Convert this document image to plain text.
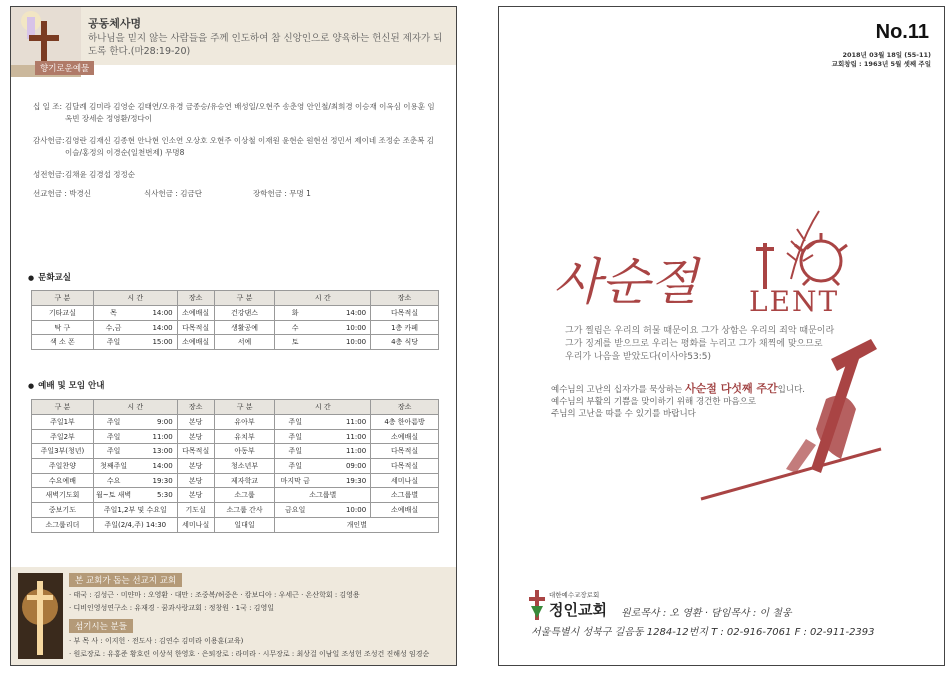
공동체사명
하나님을 믿지 않는 사람들을 주께 인도하여 참 신앙인으로 양육하는 헌신된 제자가 되도록 한다.(마28:19-20)
향기로운예물
십 일 조: 김달례 김미라 김영순 김태연/오유경 금종승/유승연 배성일/오현주 송춘영 안인철/최희경 이승재 이옥심 이용훈 임옥빈 장세순 정영환/정다이
감사헌금:김영란 김재신 김종현 안나현 인소연 오상호 오현주 이상철 이재원 윤현순 원현선 정민서 제이네 조정순 조춘복 김이슬/홍정의 이경순(일천번제) 무명8
성전헌금:김채윤 김경섭 정정순
선교헌금 : 박경신	식사헌금 : 김금단	장학헌금 : 무명 1
● 문화교실
구 분	시 간		장소	구 분	시 간		장소
기타교실	목	14:00	소예배실	건강댄스	화	14:00	다목적실
탁 구	수,금	14:00	다목적실	생활공예	수	10:00	1층 카페
색 소 폰	주일	15:00	소예배실	서예	토	10:00	4층 식당
● 예배 및 모임 안내
구 분	시 간		장소	구 분	시 간		장소
주일1부	주일	9:00	본당	유아부	주일	11:00	4층 한아름방
주일2부	주일	11:00	본당	유치부	주일	11:00	소예배실
주일3부(청년)	주일	13:00	다목적실	아동부	주일	11:00	다목적실
주일찬양	첫째주일	14:00	본당	청소년부	주일	09:00	다목적실
수요예배	수요	19:30	본당	제자학교	마지막 금	19:30	세미나실
새벽기도회	월~토 새벽	5:30	본당	소그룹	소그룹별		소그룹별
중보기도	주일1,2부 및 수요일		기도실	소그룹 간사	금요일	10:00	소예배실
소그룹리더	주일(2/4,주) 14:30		세미나실	일대일	개인별		
본 교회가 돕는 선교지 교회
· 태국 : 김성근 · 미얀마 : 오영환 · 대만 : 조중복/허중은 · 캄보디아 : 우세근 · 온산학회 : 김영용
· 디비인영성연구소 : 유재경 · 꿈과사랑교회 : 정창원 · 1국 : 김영일
섬기시는 분들
· 부 목 사 : 이지헌 · 전도사 : 김연수 김미라 이용훈(교육)
· 원로장로 : 유홍준 황호린 이상석 한영호 · 은퇴장로 : 라미라 · 시무장로 : 최상걸 이남일 조성헌 조성건 진해성 임경순
No.11
2018년 03월 18일 (55-11)
교회창립 : 1963년 5월 셋째 주일
사순절 LENT
그가 찔림은 우리의 허물 때문이요 그가 상함은 우리의 죄악 때문이라
그가 징계를 받으므로 우리는 평화를 누리고 그가 채찍에 맞으므로
우리가 나음을 받았도다(이사야53:5)
예수님의 고난의 십자가를 묵상하는 사순절 다섯째 주간입니다.
예수님의 부활의 기쁨을 맞이하기 위해 경건한 마음으로
주님의 고난을 따를 수 있기를 바랍니다
대한예수교장로회
정인교회 원로목사 : 오 영환 · 담임목사 : 이 철웅
서울특별시 성북구 길음동 1284-12번지 T : 02-916-7061 F : 02-911-2393
